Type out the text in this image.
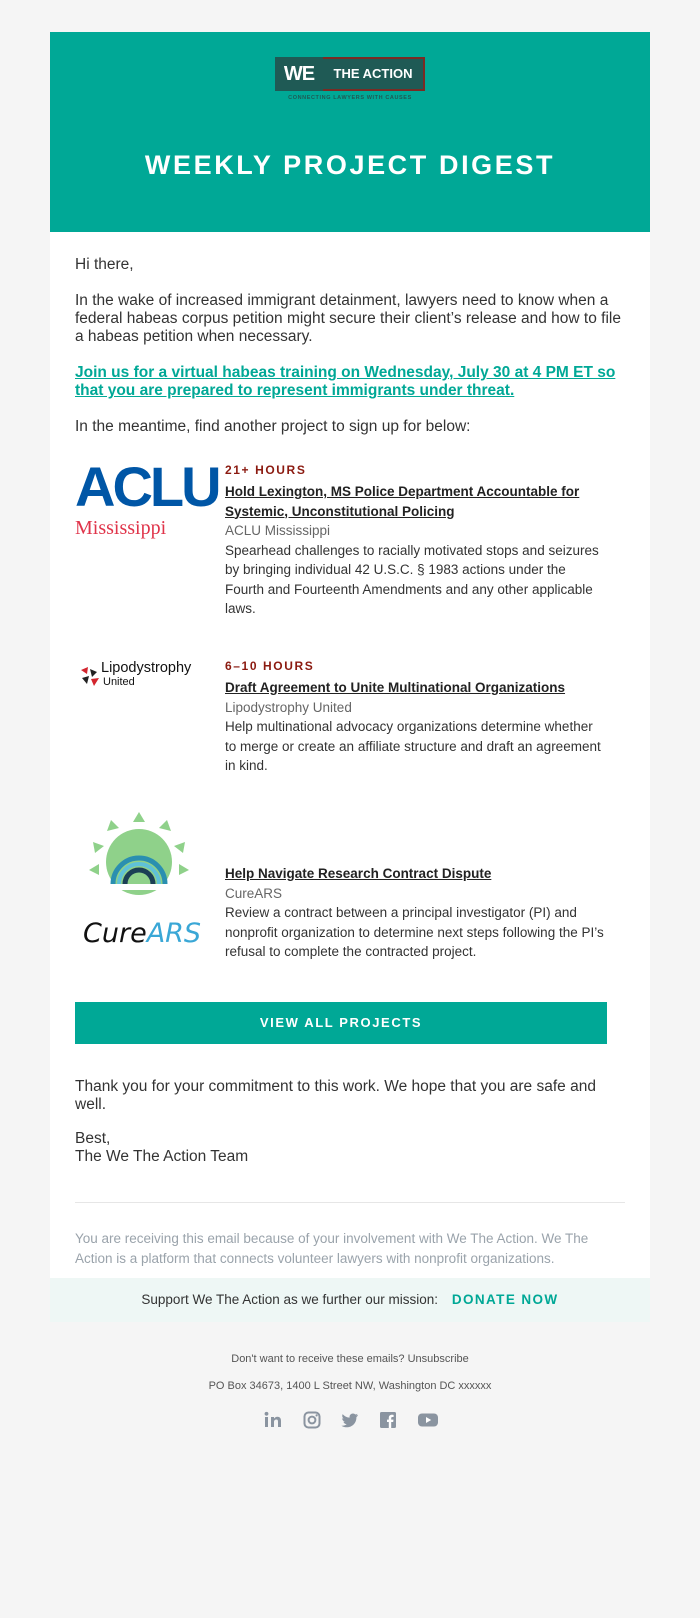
WE	THE ACTION
CONNECTING LAWYERS WITH CAUSES
WEEKLY PROJECT DIGEST

Hi there,

In the wake of increased immigrant detainment, lawyers need to know when a federal habeas corpus petition might secure their client’s release and how to file a habeas petition when necessary.

Join us for a virtual habeas training on Wednesday, July 30 at 4 PM ET so that you are prepared to represent immigrants under threat.

In the meantime, find another project to sign up for below:

ACLU
Mississippi
21+ HOURS
Hold Lexington, MS Police Department Accountable for Systemic, Unconstitutional Policing
ACLU Mississippi
Spearhead challenges to racially motivated stops and seizures by bringing individual 42 U.S.C. § 1983 actions under the Fourth and Fourteenth Amendments and any other applicable laws.
Lipodystrophy
United
6–10 HOURS
Draft Agreement to Unite Multinational Organizations
Lipodystrophy United
Help multinational advocacy organizations determine whether to merge or create an affiliate structure and draft an agreement in kind.
CureARS
Help Navigate Research Contract Dispute
CureARS
Review a contract between a principal investigator (PI) and nonprofit organization to determine next steps following the PI’s refusal to complete the contracted project.
VIEW ALL PROJECTS

Thank you for your commitment to this work. We hope that you are safe and well.

Best,

The We The Action Team

You are receiving this email because of your involvement with We The Action. We The Action is a platform that connects volunteer lawyers with nonprofit organizations.

Support We The Action as we further our mission: DONATE NOW
Don't want to receive these emails? Unsubscribe
PO Box 34673, 1400 L Street NW, Washington DC xxxxxx
